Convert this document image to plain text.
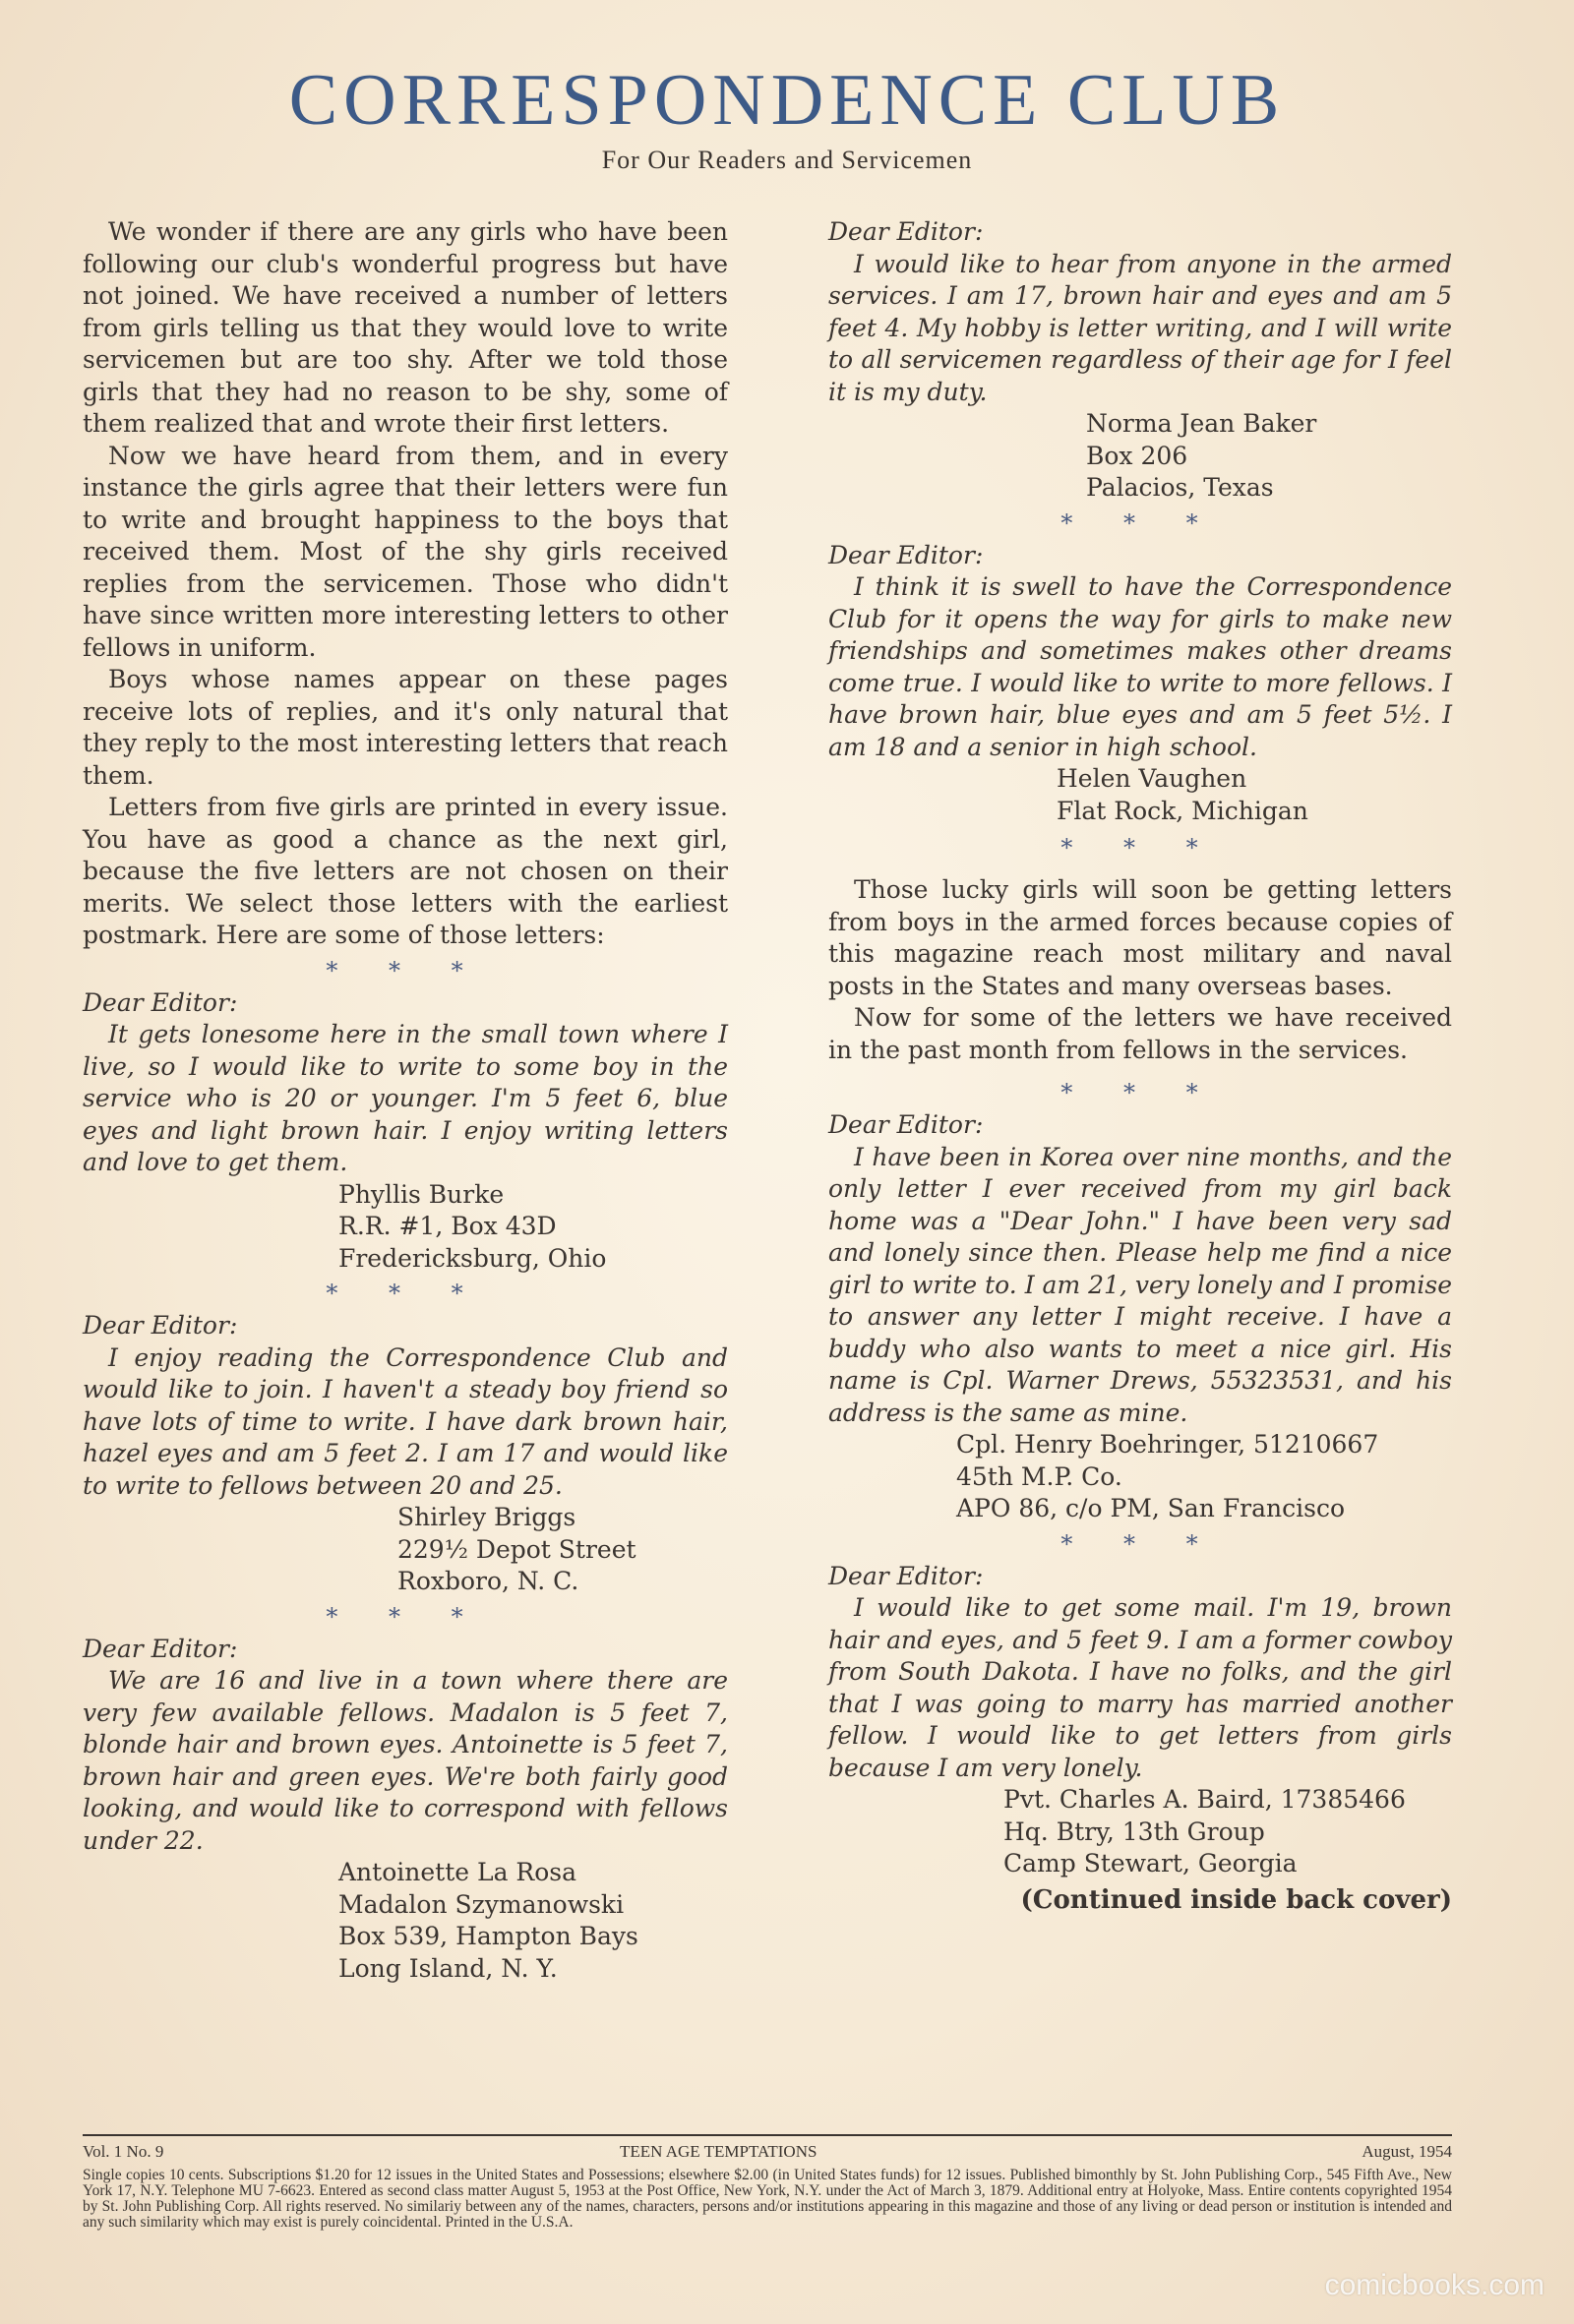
CORRESPONDENCE CLUB
For Our Readers and Servicemen

We wonder if there are any girls who have been following our club's wonderful progress but have not joined. We have received a number of letters from girls telling us that they would love to write servicemen but are too shy. After we told those girls that they had no reason to be shy, some of them realized that and wrote their first letters.

Now we have heard from them, and in every instance the girls agree that their letters were fun to write and brought happiness to the boys that received them. Most of the shy girls received replies from the servicemen. Those who didn't have since written more interesting letters to other fellows in uniform.

Boys whose names appear on these pages receive lots of replies, and it's only natural that they reply to the most interesting letters that reach them.

Letters from five girls are printed in every issue. You have as good a chance as the next girl, because the five letters are not chosen on their merits. We select those letters with the earliest postmark. Here are some of those letters:

* * *
Dear Editor:
It gets lonesome here in the small town where I live, so I would like to write to some boy in the service who is 20 or younger. I'm 5 feet 6, blue eyes and light brown hair. I enjoy writing letters and love to get them.
Phyllis Burke
R.R. #1, Box 43D
Fredericksburg, Ohio
* * *
Dear Editor:
I enjoy reading the Correspondence Club and would like to join. I haven't a steady boy friend so have lots of time to write. I have dark brown hair, hazel eyes and am 5 feet 2. I am 17 and would like to write to fellows between 20 and 25.
Shirley Briggs
229½ Depot Street
Roxboro, N. C.
* * *
Dear Editor:
We are 16 and live in a town where there are very few available fellows. Madalon is 5 feet 7, blonde hair and brown eyes. Antoinette is 5 feet 7, brown hair and green eyes. We're both fairly good looking, and would like to correspond with fellows under 22.
Antoinette La Rosa
Madalon Szymanowski
Box 539, Hampton Bays
Long Island, N. Y.
Dear Editor:
I would like to hear from anyone in the armed services. I am 17, brown hair and eyes and am 5 feet 4. My hobby is letter writing, and I will write to all servicemen regardless of their age for I feel it is my duty.
Norma Jean Baker
Box 206
Palacios, Texas
* * *
Dear Editor:
I think it is swell to have the Correspondence Club for it opens the way for girls to make new friendships and sometimes makes other dreams come true. I would like to write to more fellows. I have brown hair, blue eyes and am 5 feet 5½. I am 18 and a senior in high school.
Helen Vaughen
Flat Rock, Michigan
* * *

Those lucky girls will soon be getting letters from boys in the armed forces because copies of this magazine reach most military and naval posts in the States and many overseas bases.

Now for some of the letters we have received in the past month from fellows in the services.

* * *
Dear Editor:
I have been in Korea over nine months, and the only letter I ever received from my girl back home was a "Dear John." I have been very sad and lonely since then. Please help me find a nice girl to write to. I am 21, very lonely and I promise to answer any letter I might receive. I have a buddy who also wants to meet a nice girl. His name is Cpl. Warner Drews, 55323531, and his address is the same as mine.
Cpl. Henry Boehringer, 51210667
45th M.P. Co.
APO 86, c/o PM, San Francisco
* * *
Dear Editor:
I would like to get some mail. I'm 19, brown hair and eyes, and 5 feet 9. I am a former cowboy from South Dakota. I have no folks, and the girl that I was going to marry has married another fellow. I would like to get letters from girls because I am very lonely.
Pvt. Charles A. Baird, 17385466
Hq. Btry, 13th Group
Camp Stewart, Georgia
(Continued inside back cover)
Vol. 1 No. 9	TEEN AGE TEMPTATIONS	August, 1954
Single copies 10 cents. Subscriptions $1.20 for 12 issues in the United States and Possessions; elsewhere $2.00 (in United States funds) for 12 issues. Published bimonthly by St. John Publishing Corp., 545 Fifth Ave., New York 17, N.Y. Telephone MU 7-6623. Entered as second class matter August 5, 1953 at the Post Office, New York, N.Y. under the Act of March 3, 1879. Additional entry at Holyoke, Mass. Entire contents copyrighted 1954 by St. John Publishing Corp. All rights reserved. No similariy between any of the names, characters, persons and/or institutions appearing in this magazine and those of any living or dead person or institution is intended and any such similarity which may exist is purely coincidental. Printed in the U.S.A.
comicbooks.com
